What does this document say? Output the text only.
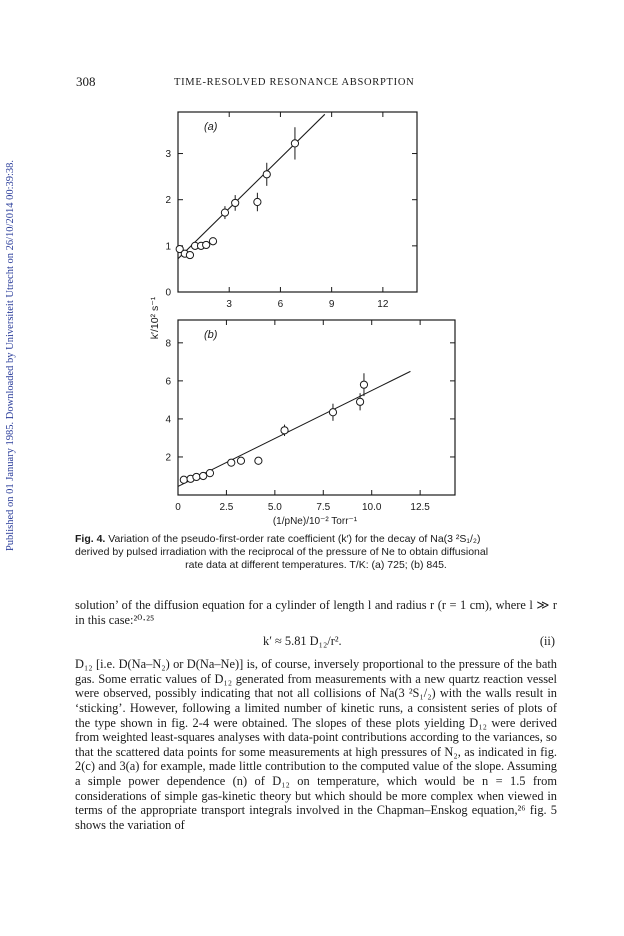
Published on 01 January 1985. Downloaded by Universiteit Utrecht on 26/10/2014 00:39:38.
308	TIME-RESOLVED RESONANCE ABSORPTION
3	6	9	12
0
1
2
3
(a)
0	2.5	5.0	7.5	10.0	12.5
2
4
6
8
(b)
k′/10² s⁻¹
(1/pNe)/10⁻² Torr⁻¹

Fig. 4. Variation of the pseudo-first-order rate coefficient (k′) for the decay of Na(3 ²S₁/₂)

derived by pulsed irradiation with the reciprocal of the pressure of Ne to obtain diffusional

rate data at different temperatures. T/K: (a) 725; (b) 845.

solution’ of the diffusion equation for a cylinder of length l and radius r (r = 1 cm), where l ≫ r in this case:²⁰·²⁵

k′ ≈ 5.81 D₁₂/r².	(ii)

D₁₂ [i.e. D(Na–N₂) or D(Na–Ne)] is, of course, inversely proportional to the pressure of the bath gas. Some erratic values of D₁₂ generated from measurements with a new quartz reaction vessel were observed, possibly indicating that not all collisions of Na(3 ²S₁/₂) with the walls result in ‘sticking’. However, following a limited number of kinetic runs, a consistent series of plots of the type shown in fig. 2-4 were obtained. The slopes of these plots yielding D₁₂ were derived from weighted least-squares analyses with data-point contributions according to the variances, so that the scattered data points for some measurements at high pressures of N₂, as indicated in fig. 2(c) and 3(a) for example, made little contribution to the computed value of the slope. Assuming a simple power dependence (n) of D₁₂ on temperature, which would be n = 1.5 from considerations of simple gas-kinetic theory but which should be more complex when viewed in terms of the appropriate transport integrals involved in the Chapman–Enskog equation,²⁶ fig. 5 shows the variation of
